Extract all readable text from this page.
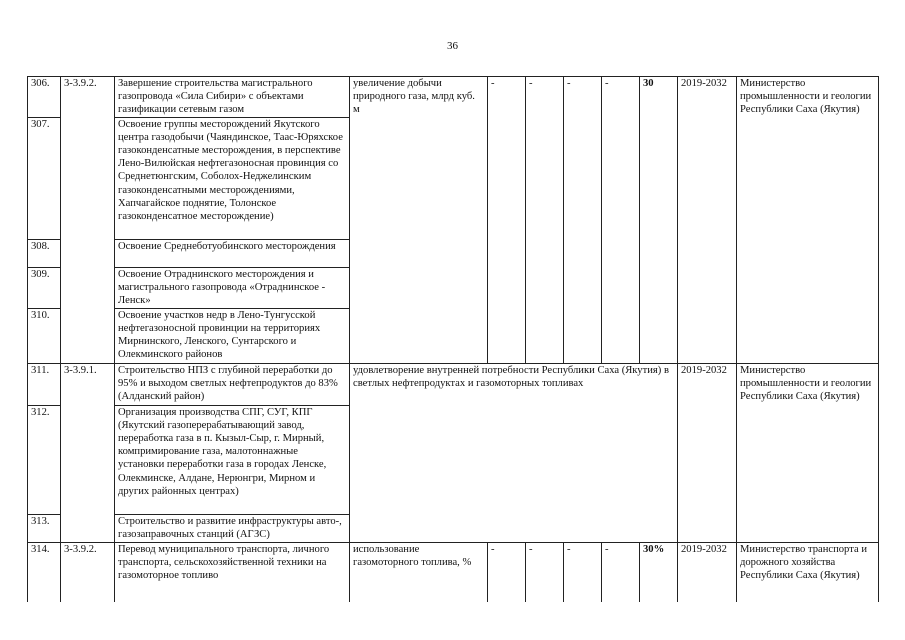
36
306.	3-3.9.2.	Завершение строительства магистрального газопровода «Сила Сибири» с объектами газификации сетевым газом	увеличение добычи природного газа, млрд куб. м	-	-	-	-	30	2019-2032	Министерство промышленности и геологии Республики Саха (Якутия)
307.		Освоение группы месторождений Якутского центра газодобычи (Чаяндинское, Таас-Юряхское газоконденсатные месторождения, в перспективе Лено-Вилюйская нефтегазоносная провинция со Среднетюнгским, Соболох-Неджелинским газоконденсатными месторождениями, Хапчагайское поднятие, Толонское газоконденсатное месторождение)								
308.		Освоение Среднеботуобинского месторождения								
309.		Освоение Отраднинского месторождения и магистрального газопровода «Отраднинское - Ленск»								
310.		Освоение участков недр в Лено-Тунгусской нефтегазоносной провинции на территориях Мирнинского, Ленского, Сунтарского и Олекминского районов								
311.	3-3.9.1.	Строительство НПЗ с глубиной переработки до 95% и выходом светлых нефтепродуктов до 83% (Алданский район)	удовлетворение внутренней потребности Республики Саха (Якутия) в светлых нефтепродуктах и газомоторных топливах						2019-2032	Министерство промышленности и геологии Республики Саха (Якутия)
312.		Организация производства СПГ, СУГ, КПГ (Якутский газоперерабатывающий завод, переработка газа в п. Кызыл-Сыр, г. Мирный, компримирование газа, малотоннажные установки переработки газа в городах Ленске, Олекминске, Алдане, Нерюнгри, Мирном и других районных центрах)								
313.		Строительство и развитие инфраструктуры авто-, газозаправочных станций (АГЗС)								
314.	3-3.9.2.	Перевод муниципального транспорта, личного транспорта, сельскохозяйственной техники на газомоторное топливо	использование газомоторного топлива, %	-	-	-	-	30%	2019-2032	Министерство транспорта и дорожного хозяйства Республики Саха (Якутия)
